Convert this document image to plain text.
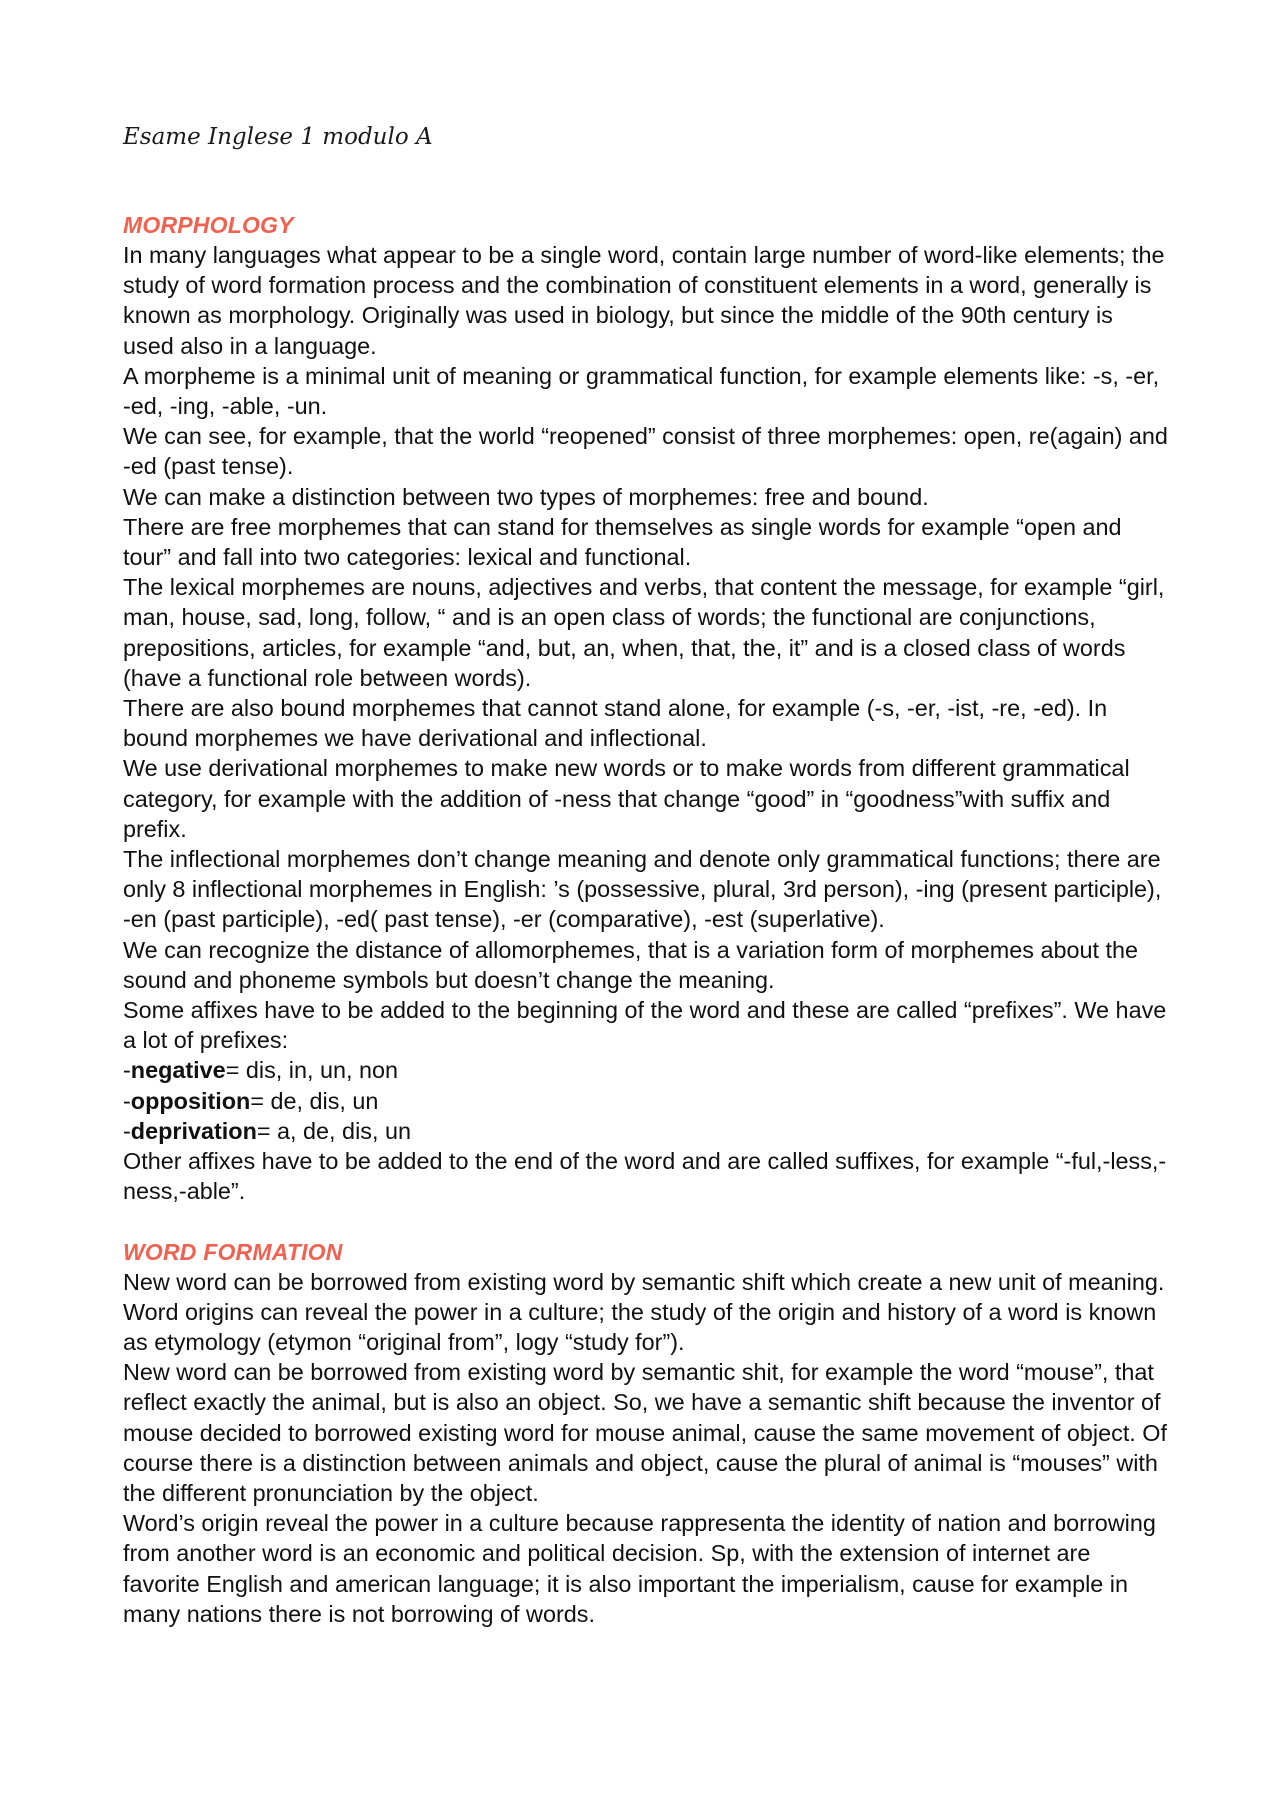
Esame Inglese 1 modulo A
MORPHOLOGY

In many languages what appear to be a single word, contain large number of word-like elements; the study of word formation process and the combination of constituent elements in a word, generally is known as morphology. Originally was used in biology, but since the middle of the 90th century is used also in a language.

A morpheme is a minimal unit of meaning or grammatical function, for example elements like: -s, -er, -ed, -ing, -able, -un.

We can see, for example, that the world “reopened” consist of three morphemes: open, re(again) and -ed (past tense).

We can make a distinction between two types of morphemes: free and bound.

There are free morphemes that can stand for themselves as single words for example “open and tour” and fall into two categories: lexical and functional.

The lexical morphemes are nouns, adjectives and verbs, that content the message, for example “girl, man, house, sad, long, follow, “ and is an open class of words; the functional are conjunctions, prepositions, articles, for example “and, but, an, when, that, the, it” and is a closed class of words (have a functional role between words).

There are also bound morphemes that cannot stand alone, for example (-s, -er, -ist, -re, -ed). In bound morphemes we have derivational and inflectional.

We use derivational morphemes to make new words or to make words from different grammatical category, for example with the addition of -ness that change “good” in “goodness”with suffix and prefix.

The inflectional morphemes don’t change meaning and denote only grammatical functions; there are only 8 inflectional morphemes in English: ’s (possessive, plural, 3rd person), -ing (present participle), -en (past participle), -ed( past tense), -er (comparative), -est (superlative).

We can recognize the distance of allomorphemes, that is a variation form of morphemes about the sound and phoneme symbols but doesn’t change the meaning.

Some affixes have to be added to the beginning of the word and these are called “prefixes”. We have a lot of prefixes:

-negative= dis, in, un, non

-opposition= de, dis, un

-deprivation= a, de, dis, un

Other affixes have to be added to the end of the word and are called suffixes, for example “-ful,-less,-ness,-able”.

WORD FORMATION

New word can be borrowed from existing word by semantic shift which create a new unit of meaning. Word origins can reveal the power in a culture; the study of the origin and history of a word is known as etymology (etymon “original from”, logy “study for”).

New word can be borrowed from existing word by semantic shit, for example the word “mouse”, that reflect exactly the animal, but is also an object. So, we have a semantic shift because the inventor of mouse decided to borrowed existing word for mouse animal, cause the same movement of object. Of course there is a distinction between animals and object, cause the plural of animal is “mouses” with the different pronunciation by the object.

Word’s origin reveal the power in a culture because rappresenta the identity of nation and borrowing from another word is an economic and political decision. Sp, with the extension of internet are favorite English and american language; it is also important the imperialism, cause for example in many nations there is not borrowing of words.
